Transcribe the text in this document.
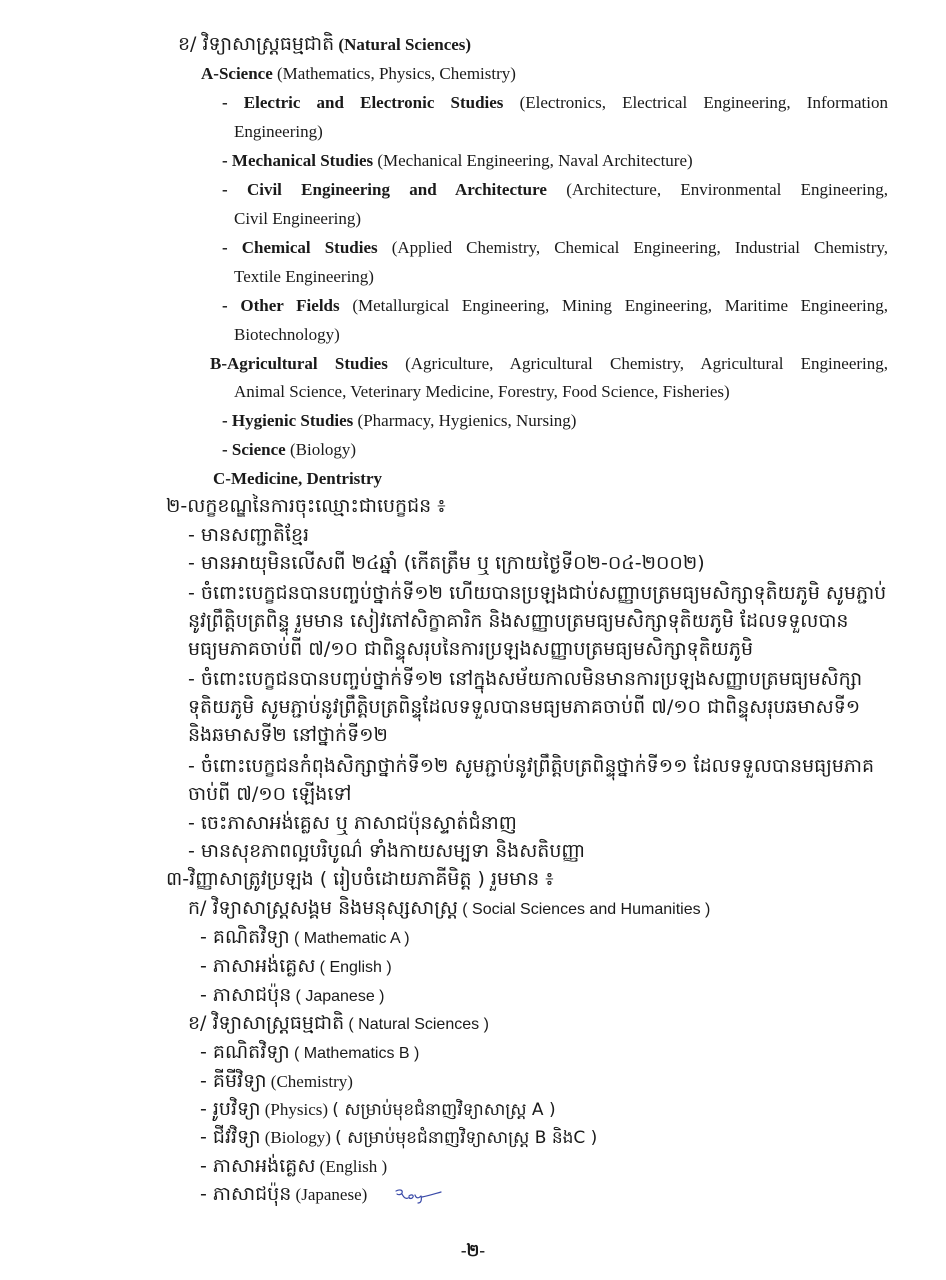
ខ/ វិទ្យាសាស្ត្រធម្មជាតិ (Natural Sciences)
A-Science (Mathematics, Physics, Chemistry)
- Electric and Electronic Studies (Electronics, Electrical Engineering, Information
Engineering)
- Mechanical Studies (Mechanical Engineering, Naval Architecture)
- Civil Engineering and Architecture (Architecture, Environmental Engineering,
Civil Engineering)
- Chemical Studies (Applied Chemistry, Chemical Engineering, Industrial Chemistry,
Textile Engineering)
- Other Fields (Metallurgical Engineering, Mining Engineering, Maritime Engineering,
Biotechnology)
B-Agricultural Studies (Agriculture, Agricultural Chemistry, Agricultural Engineering,
Animal Science, Veterinary Medicine, Forestry, Food Science, Fisheries)
- Hygienic Studies (Pharmacy, Hygienics, Nursing)
- Science (Biology)
C-Medicine, Dentristry
២-លក្ខខណ្ឌនៃការចុះឈ្មោះជាបេក្ខជន ៖
- មានសញ្ជាតិខ្មែរ
- មានអាយុមិនលើសពី ២៤ឆ្នាំ (កើតត្រឹម ឬ ក្រោយថ្ងៃទី០២-០៤-២០០២)
- ចំពោះបេក្ខជនបានបញ្ចប់ថ្នាក់ទី១២ ហើយបានប្រឡងជាប់សញ្ញាបត្រមធ្យមសិក្សាទុតិយភូមិ សូមភ្ជាប់នូវព្រឹត្តិបត្រពិន្ទុ រួមមាន សៀវភៅសិក្ខាគារិក និងសញ្ញាបត្រមធ្យមសិក្សាទុតិយភូមិ ដែលទទួលបានមធ្យមភាគចាប់ពី ៧/១០ ជាពិន្ទុសរុបនៃការប្រឡងសញ្ញាបត្រមធ្យមសិក្សាទុតិយភូមិ
- ចំពោះបេក្ខជនបានបញ្ចប់ថ្នាក់ទី១២ នៅក្នុងសម័យកាលមិនមានការប្រឡងសញ្ញាបត្រមធ្យមសិក្សាទុតិយភូមិ សូមភ្ជាប់នូវព្រឹត្តិបត្រពិន្ទុដែលទទួលបានមធ្យមភាគចាប់ពី ៧/១០ ជាពិន្ទុសរុបឆមាសទី១ និងឆមាសទី២ នៅថ្នាក់ទី១២
- ចំពោះបេក្ខជនកំពុងសិក្សាថ្នាក់ទី១២ សូមភ្ជាប់នូវព្រឹត្តិបត្រពិន្ទុថ្នាក់ទី១១ ដែលទទួលបានមធ្យមភាគចាប់ពី ៧/១០ ឡើងទៅ
- ចេះភាសាអង់គ្លេស ឬ ភាសាជប៉ុនស្ទាត់ជំនាញ
- មានសុខភាពល្អបរិបូណ៌ ទាំងកាយសម្បទា និងសតិបញ្ញា
៣-វិញ្ញាសាត្រូវប្រឡង ( រៀបចំដោយភាគីមិត្ត ) រួមមាន ៖
ក/ វិទ្យាសាស្ត្រសង្គម និងមនុស្សសាស្ត្រ ( Social Sciences and Humanities )
- គណិតវិទ្យា ( Mathematic A )
- ភាសាអង់គ្លេស ( English )
- ភាសាជប៉ុន ( Japanese )
ខ/ វិទ្យាសាស្ត្រធម្មជាតិ ( Natural Sciences )
- គណិតវិទ្យា ( Mathematics B )
- គីមីវិទ្យា (Chemistry)
- រូបវិទ្យា (Physics) ( សម្រាប់មុខជំនាញវិទ្យាសាស្ត្រ A )
- ជីវវិទ្យា (Biology) ( សម្រាប់មុខជំនាញវិទ្យាសាស្ត្រ B និងC )
- ភាសាអង់គ្លេស (English )
- ភាសាជប៉ុន (Japanese)
-២-
